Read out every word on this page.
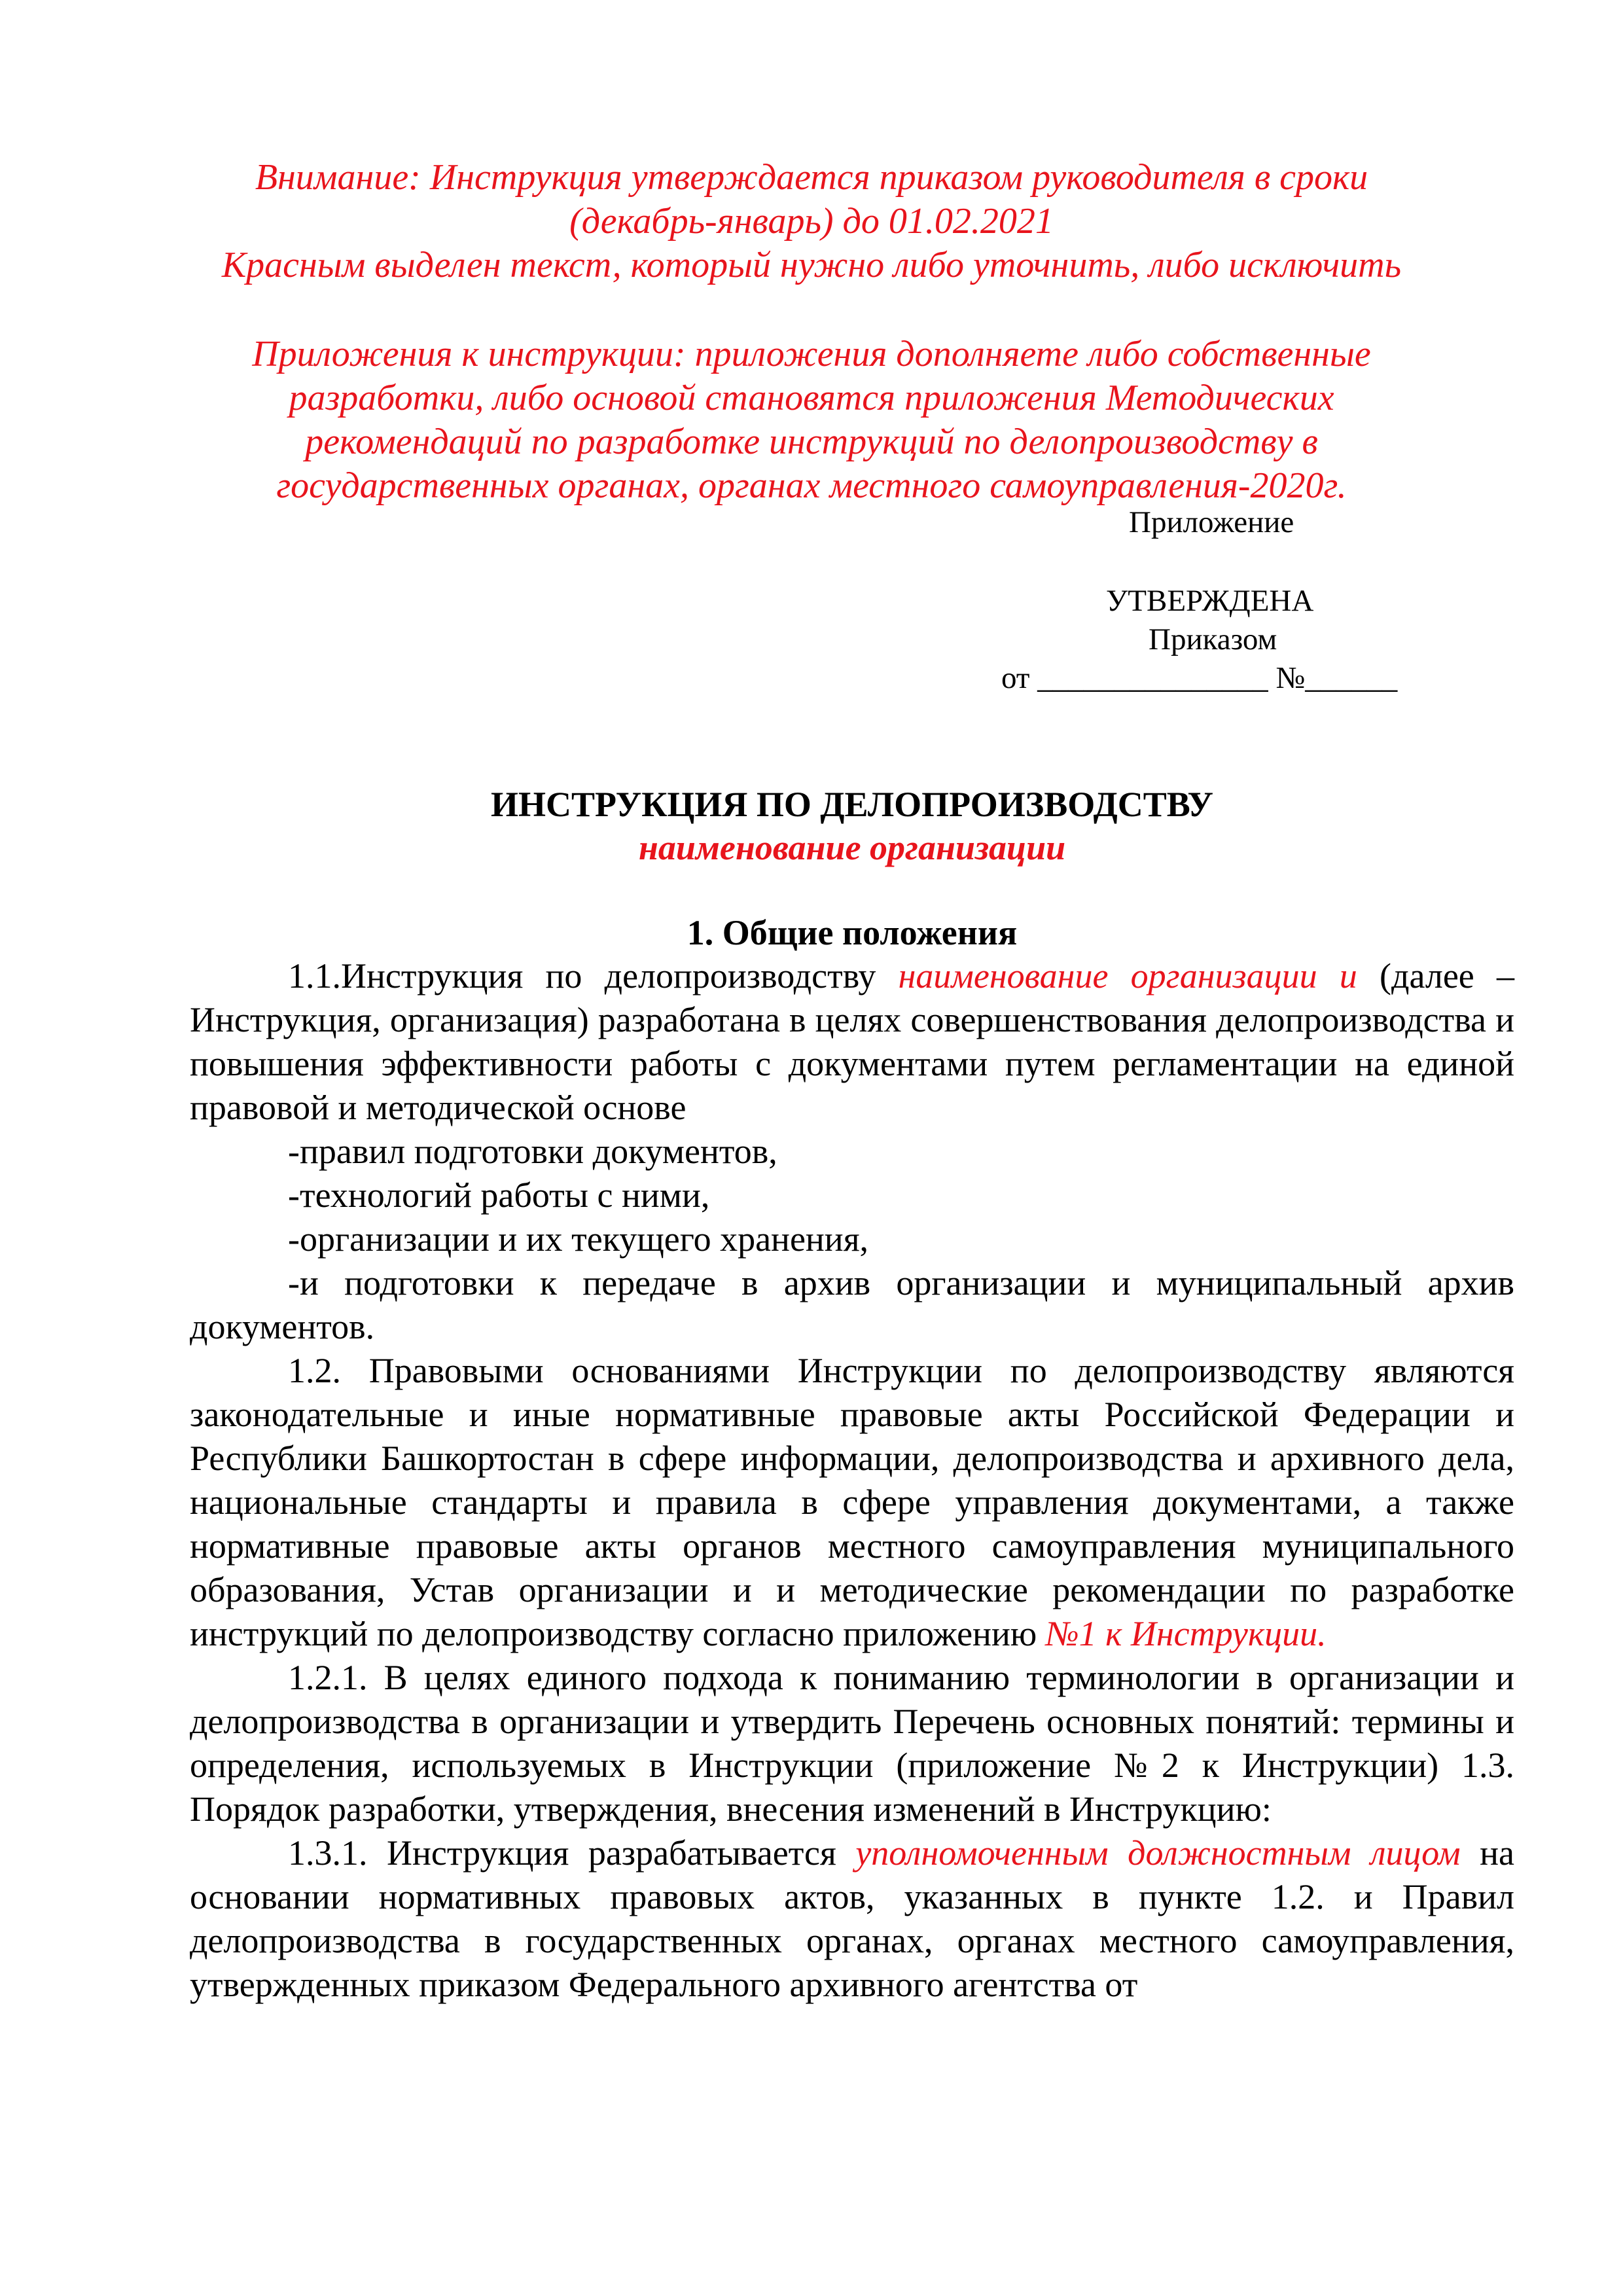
Внимание: Инструкция утверждается приказом руководителя в сроки (декабрь-январь) до 01.02.2021

Красным выделен текст, который нужно либо уточнить, либо исключить

Приложения к инструкции: приложения дополняете либо собственные разработки, либо основой становятся приложения Методических рекомендаций по разработке инструкций по делопроизводству в государственных органах, органах местного самоуправления-2020г.

Приложение
УТВЕРЖДЕНА
Приказом
от _______________ №______
ИНСТРУКЦИЯ ПО ДЕЛОПРОИЗВОДСТВУ
наименование организации
1. Общие положения

1.1.Инструкция по делопроизводству наименование организации и (далее – Инструкция, организация) разработана в целях совершенствования делопроизводства и повышения эффективности работы с документами путем регламентации на единой правовой и методической основе

-правил подготовки документов,

-технологий работы с ними,

-организации и их текущего хранения,

-и подготовки к передаче в архив организации и муниципальный архив документов.

1.2. Правовыми основаниями Инструкции по делопроизводству являются законодательные и иные нормативные правовые акты Российской Федерации и Республики Башкортостан в сфере информации, делопроизводства и архивного дела, национальные стандарты и правила в сфере управления документами, а также нормативные правовые акты органов местного самоуправления муниципального образования, Устав организации и и методические рекомендации по разработке инструкций по делопроизводству согласно приложению №1 к Инструкции.

1.2.1. В целях единого подхода к пониманию терминологии в организации и делопроизводства в организации и утвердить Перечень основных понятий: термины и определения, используемых в Инструкции (приложение №2 к Инструкции) 1.3. Порядок разработки, утверждения, внесения изменений в Инструкцию:

1.3.1. Инструкция разрабатывается уполномоченным должностным лицом на основании нормативных правовых актов, указанных в пункте 1.2. и Правил делопроизводства в государственных органах, органах местного самоуправления, утвержденных приказом Федерального архивного агентства от
